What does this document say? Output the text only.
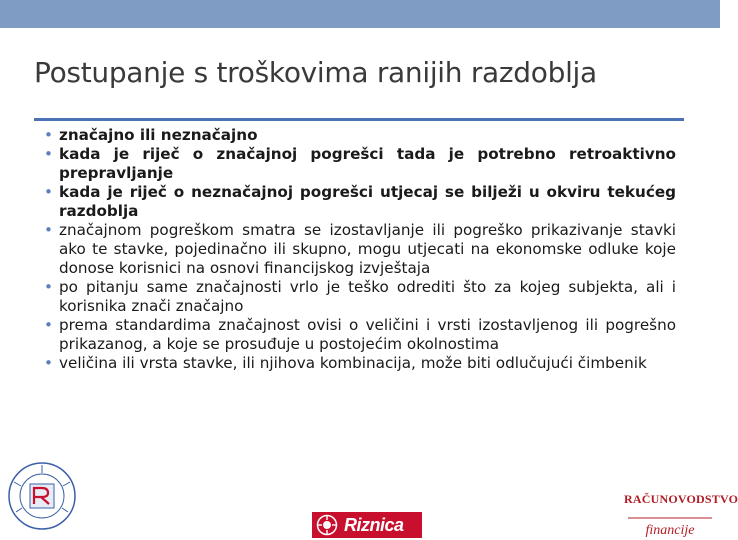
Postupanje s troškovima ranijih razdoblja
• značajno ili neznačajno
• kada je riječ o značajnoj pogrešci tada je potrebno retroaktivno prepravljanje
• kada je riječ o neznačajnoj pogrešci utjecaj se bilježi u okviru tekućeg razdoblja
• značajnom pogreškom smatra se izostavljanje ili pogreško prikazivanje stavki ako te stavke, pojedinačno ili skupno, mogu utjecati na ekonomske odluke koje donose korisnici na osnovi financijskog izvještaja
• po pitanju same značajnosti vrlo je teško odrediti što za kojeg subjekta, ali i korisnika znači značajno
• prema standardima značajnost ovisi o veličini i vrsti izostavljenog ili pogrešno prikazanog, a koje se prosuđuje u postojećim okolnostima
• veličina ili vrsta stavke, ili njihova kombinacija, može biti odlučujući čimbenik
Riznica
RAČUNOVODSTVO
financije
